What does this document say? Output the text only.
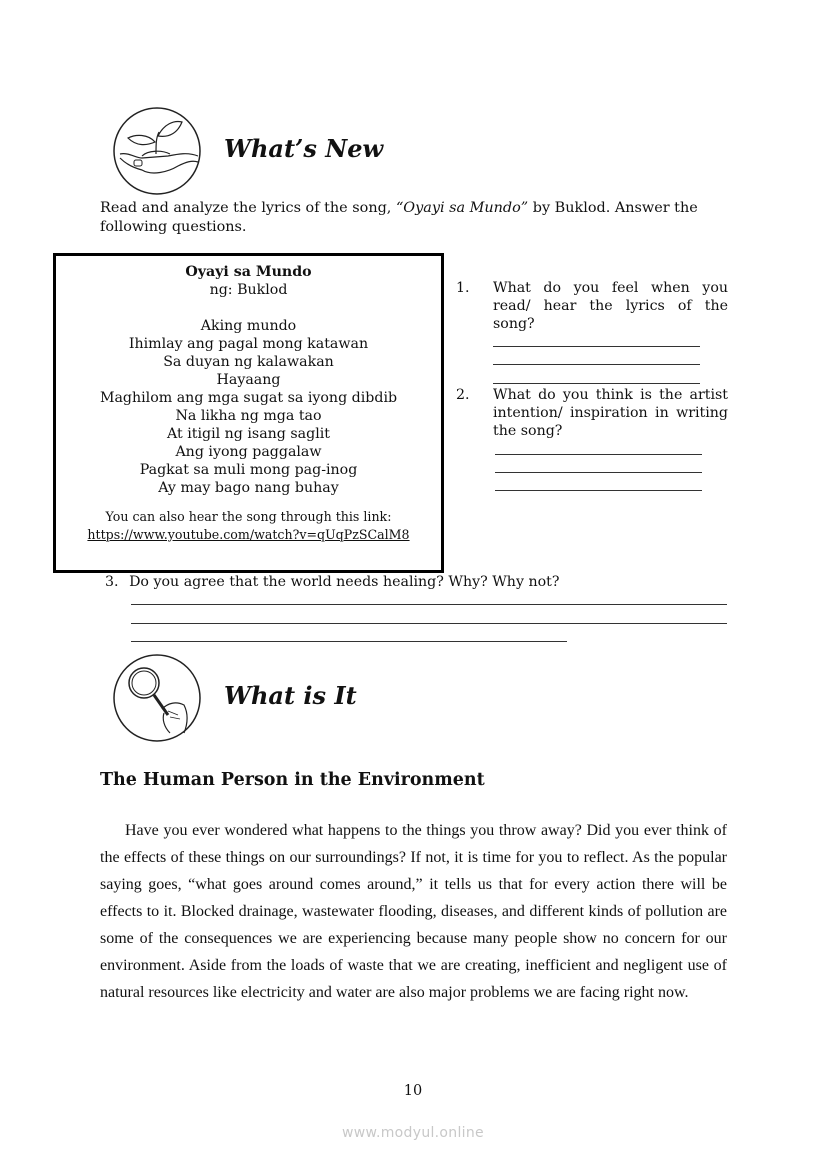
What’s New
Read and analyze the lyrics of the song, “Oyayi sa Mundo” by Buklod. Answer the following questions.
Oyayi sa Mundo
ng: Buklod
Aking mundo
Ihimlay ang pagal mong katawan
Sa duyan ng kalawakan
Hayaang
Maghilom ang mga sugat sa iyong dibdib
Na likha ng mga tao
At itigil ng isang saglit
Ang iyong paggalaw
Pagkat sa muli mong pag-inog
Ay may bago nang buhay
You can also hear the song through this link:
https://www.youtube.com/watch?v=qUqPzSCalM8
1. What do you feel when you read/ hear the lyrics of the song?
2. What do you think is the artist intention/ inspiration in writing the song?
3. Do you agree that the world needs healing? Why? Why not?
What is It
The Human Person in the Environment
Have you ever wondered what happens to the things you throw away? Did you ever think of the effects of these things on our surroundings? If not, it is time for you to reflect. As the popular saying goes, “what goes around comes around,” it tells us that for every action there will be effects to it. Blocked drainage, wastewater flooding, diseases, and different kinds of pollution are some of the consequences we are experiencing because many people show no concern for our environment. Aside from the loads of waste that we are creating, inefficient and negligent use of natural resources like electricity and water are also major problems we are facing right now.
10
www.modyul.online
